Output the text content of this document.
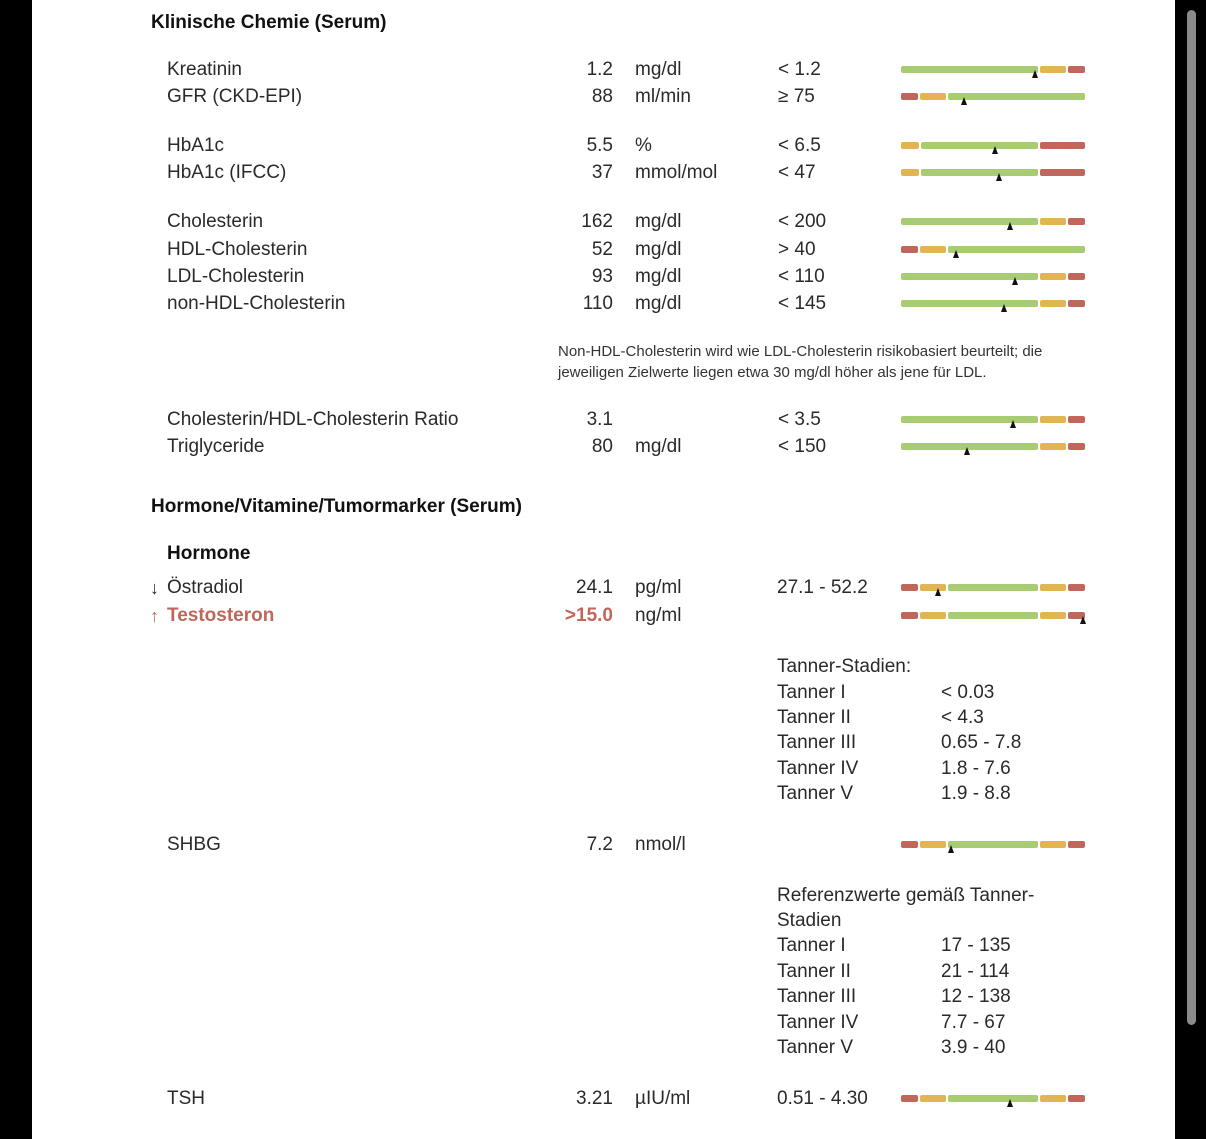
Klinische Chemie (Serum)
Kreatinin	1.2 mg/dl	< 1.2
GFR (CKD-EPI)	88 ml/min	≥ 75
HbA1c	5.5 %	< 6.5
HbA1c (IFCC)	37 mmol/mol	< 47
Cholesterin	162 mg/dl	< 200
HDL-Cholesterin	52 mg/dl	> 40
LDL-Cholesterin	93 mg/dl	< 110
non-HDL-Cholesterin	110 mg/dl	< 145
Non-HDL-Cholesterin wird wie LDL-Cholesterin risikobasiert beurteilt; die
jeweiligen Zielwerte liegen etwa 30 mg/dl höher als jene für LDL.
Cholesterin/HDL-Cholesterin Ratio	3.1	< 3.5
Triglyceride	80 mg/dl	< 150
Hormone/Vitamine/Tumormarker (Serum)
Hormone
↓ Östradiol	24.1 pg/ml	27.1 - 52.2
↑ Testosteron	>15.0 ng/ml
Tanner-Stadien:
Tanner I	< 0.03
Tanner II	< 4.3
Tanner III	0.65 - 7.8
Tanner IV	1.8 - 7.6
Tanner V	1.9 - 8.8
SHBG	7.2 nmol/l
Referenzwerte gemäß Tanner-
Stadien
Tanner I	17 - 135
Tanner II	21 - 114
Tanner III	12 - 138
Tanner IV	7.7 - 67
Tanner V	3.9 - 40
TSH	3.21 µIU/ml	0.51 - 4.30
